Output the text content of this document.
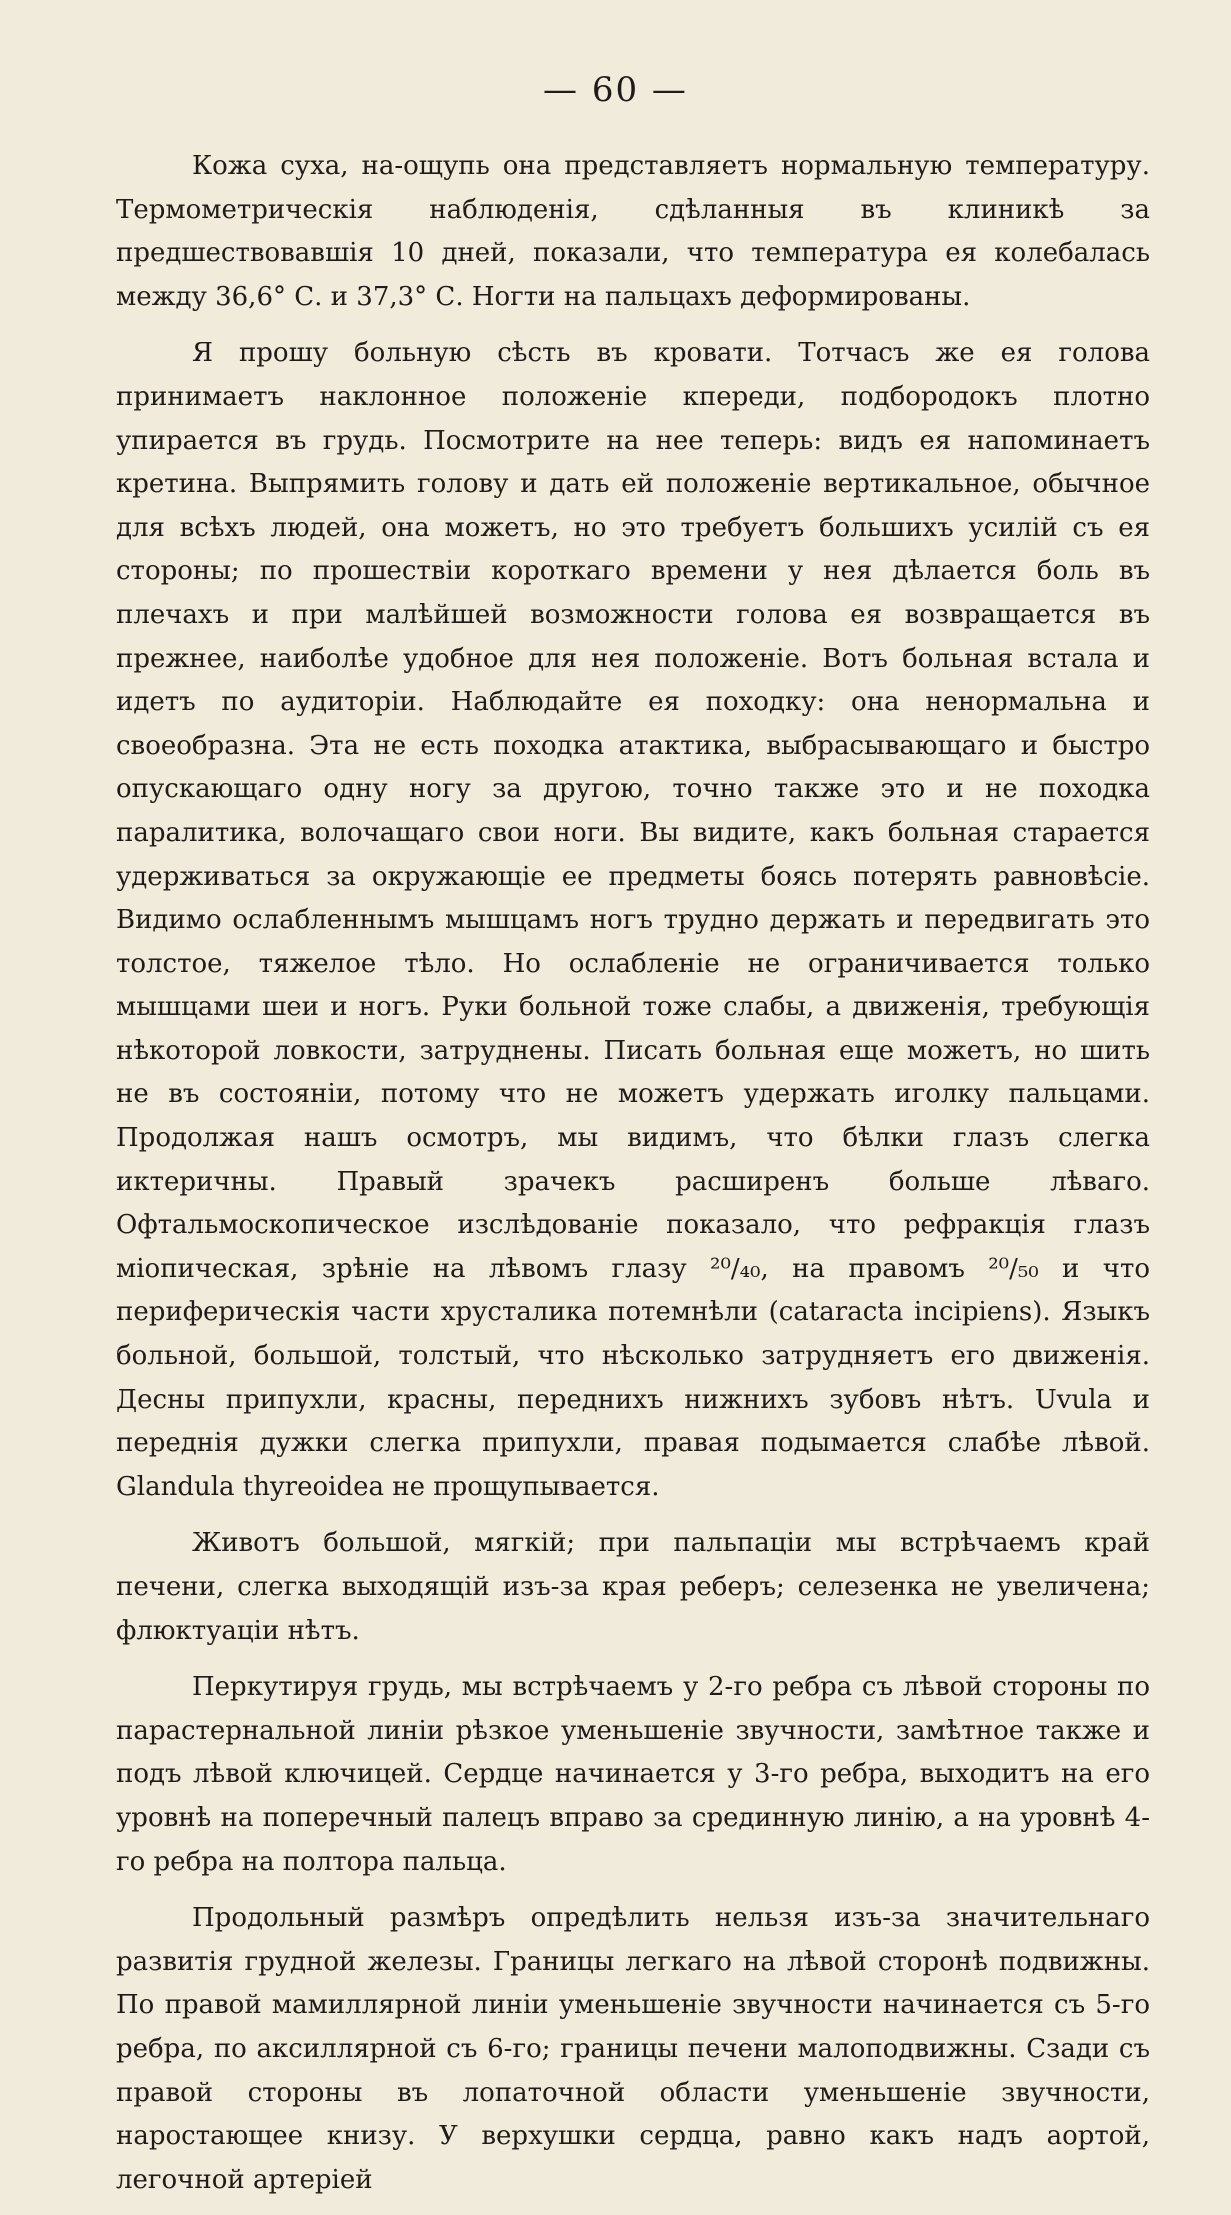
— 60 —

Кожа суха, на-ощупь она представляетъ нормальную температуру. Термометрическія наблюденія, сдѣланныя въ клиникѣ за предшествовавшія 10 дней, показали, что температура ея колебалась между 36,6° С. и 37,3° С. Ногти на пальцахъ деформированы.

Я прошу больную сѣсть въ кровати. Тотчасъ же ея голова принимаетъ наклонное положеніе кпереди, подбородокъ плотно упирается въ грудь. Посмотрите на нее теперь: видъ ея напоминаетъ кретина. Выпрямить голову и дать ей положеніе вертикальное, обычное для всѣхъ людей, она можетъ, но это требуетъ большихъ усилій съ ея стороны; по прошествіи короткаго времени у нея дѣлается боль въ плечахъ и при малѣйшей возможности голова ея возвращается въ прежнее, наиболѣе удобное для нея положеніе. Вотъ больная встала и идетъ по аудиторіи. Наблюдайте ея походку: она ненормальна и своеобразна. Эта не есть походка атактика, выбрасывающаго и быстро опускающаго одну ногу за другою, точно также это и не походка паралитика, волочащаго свои ноги. Вы видите, какъ больная старается удерживаться за окружающіе ее предметы боясь потерять равновѣсіе. Видимо ослабленнымъ мышцамъ ногъ трудно держать и передвигать это толстое, тяжелое тѣло. Но ослабленіе не ограничивается только мышцами шеи и ногъ. Руки больной тоже слабы, а движенія, требующія нѣкоторой ловкости, затруднены. Писать больная еще можетъ, но шить не въ состояніи, потому что не можетъ удержать иголку пальцами. Продолжая нашъ осмотръ, мы видимъ, что бѣлки глазъ слегка иктеричны. Правый зрачекъ расширенъ больше лѣваго. Офтальмоскопическое изслѣдованіе показало, что рефракція глазъ міопическая, зрѣніе на лѣвомъ глазу ²⁰/₄₀, на правомъ ²⁰/₅₀ и что периферическія части хрусталика потемнѣли (cataracta incipiens). Языкъ больной, большой, толстый, что нѣсколько затрудняетъ его движенія. Десны припухли, красны, переднихъ нижнихъ зубовъ нѣтъ. Uvula и переднія дужки слегка припухли, правая подымается слабѣе лѣвой. Glandula thyreoidea не прощупывается.

Животъ большой, мягкій; при пальпаціи мы встрѣчаемъ край печени, слегка выходящій изъ-за края реберъ; селезенка не увеличена; флюктуаціи нѣтъ.

Перкутируя грудь, мы встрѣчаемъ у 2-го ребра съ лѣвой стороны по парастернальной линіи рѣзкое уменьшеніе звучности, замѣтное также и подъ лѣвой ключицей. Сердце начинается у 3-го ребра, выходитъ на его уровнѣ на поперечный палецъ вправо за срединную линію, а на уровнѣ 4-го ребра на полтора пальца.

Продольный размѣръ опредѣлить нельзя изъ-за значительнаго развитія грудной железы. Границы легкаго на лѣвой сторонѣ подвижны. По правой мамиллярной линіи уменьшеніе звучности начинается съ 5-го ребра, по аксиллярной съ 6-го; границы печени малоподвижны. Сзади съ правой стороны въ лопаточной области уменьшеніе звучности, наростающее книзу. У верхушки сердца, равно какъ надъ аортой, легочной артеріей
